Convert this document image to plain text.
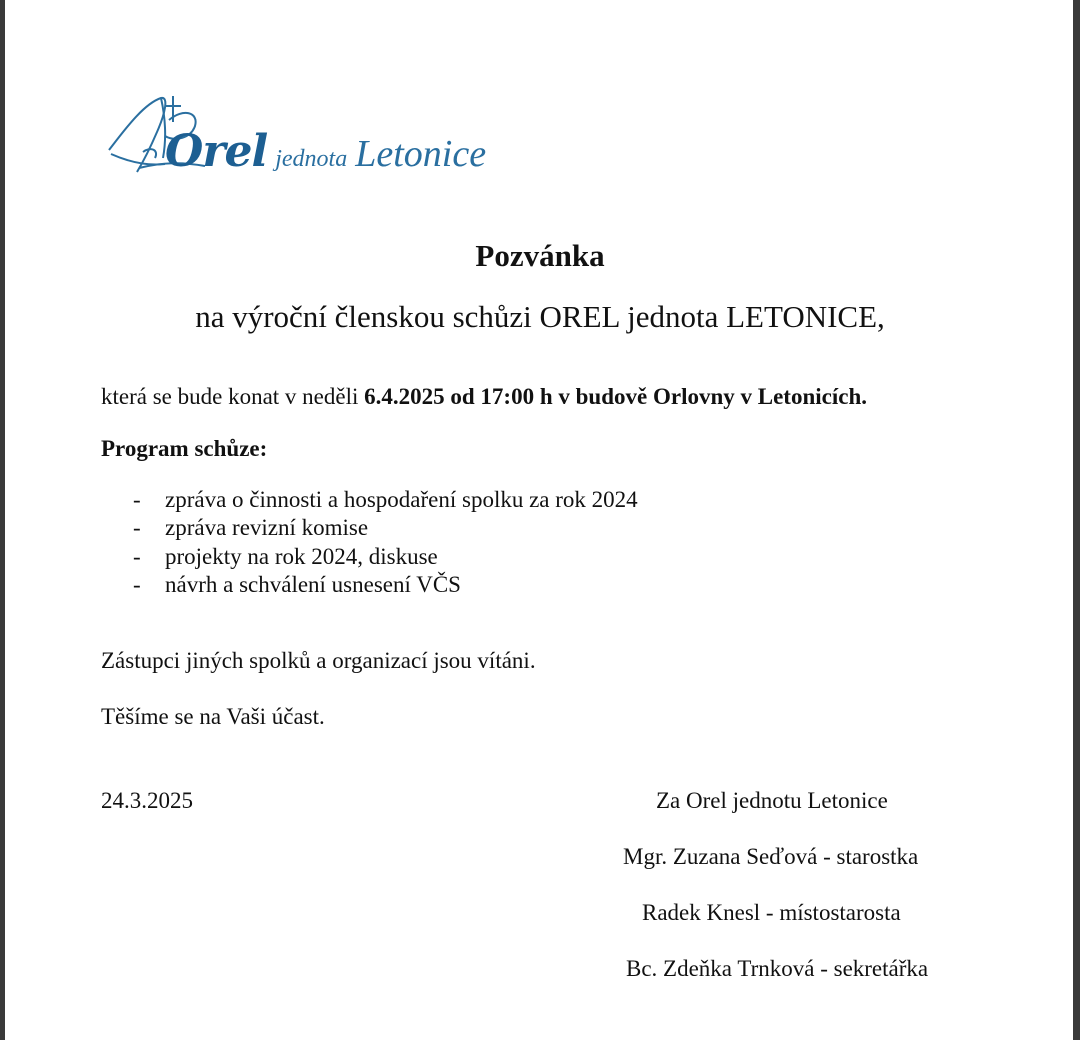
Orel jednota Letonice
Pozvánka
na výroční členskou schůzi OREL jednota LETONICE,
která se bude konat v neděli 6.4.2025 od 17:00 h v budově Orlovny v Letonicích.
Program schůze:
- zpráva o činnosti a hospodaření spolku za rok 2024
- zpráva revizní komise
- projekty na rok 2024, diskuse
- návrh a schválení usnesení VČS
Zástupci jiných spolků a organizací jsou vítáni.
Těšíme se na Vaši účast.
24.3.2025	Za Orel jednotu Letonice
Mgr. Zuzana Seďová - starostka
Radek Knesl - místostarosta
Bc. Zdeňka Trnková - sekretářka
